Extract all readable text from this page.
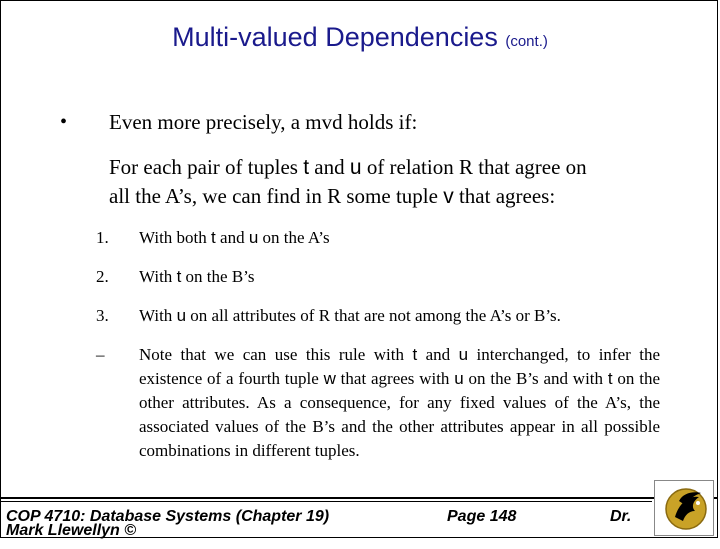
Multi-valued Dependencies (cont.)
• Even more precisely, a mvd holds if:
For each pair of tuples t and u of relation R that agree on
all the A’s, we can find in R some tuple v that agrees:
1. With both t and u on the A’s
2. With t on the B’s
3. With u on all attributes of R that are not among the A’s or B’s.
– Note that we can use this rule with t and u interchanged, to infer the existence of a fourth tuple w that agrees with u on the B’s and with t on the other attributes. As a consequence, for any fixed values of the A’s, the associated values of the B’s and the other attributes appear in all possible combinations in different tuples.
COP 4710: Database Systems (Chapter 19)	Page 148	Dr.
Mark Llewellyn ©
